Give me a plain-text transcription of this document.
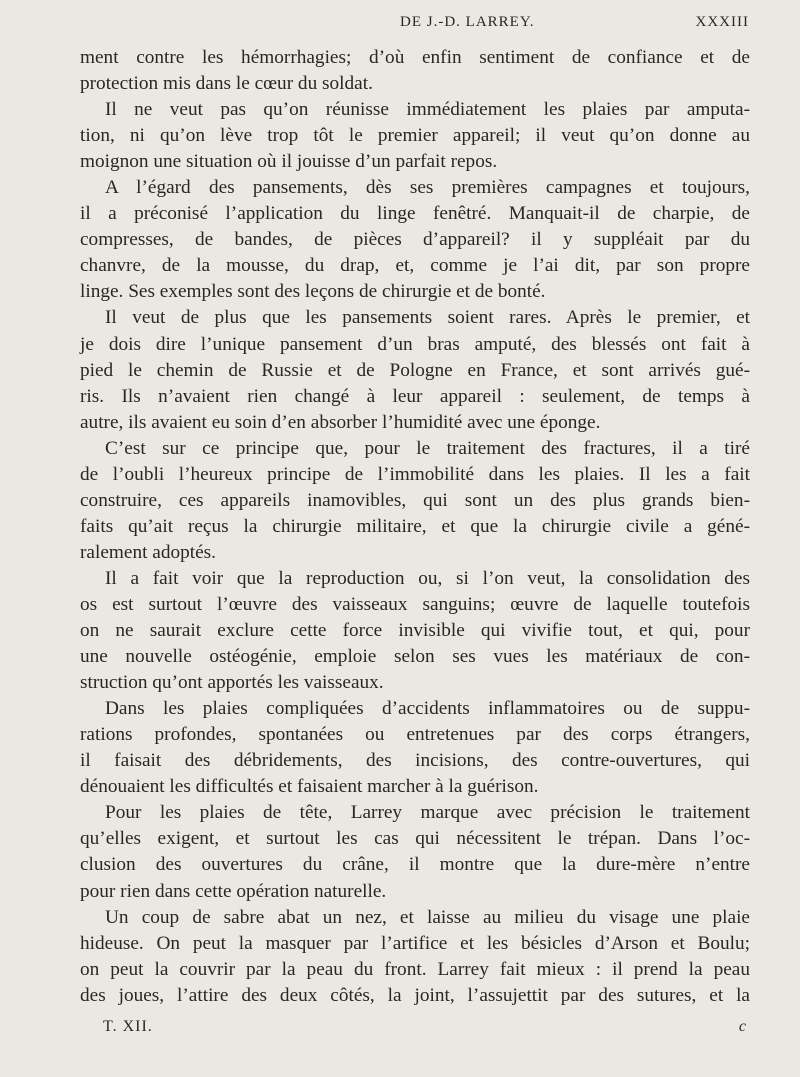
DE J.-D. LARREY.	XXXIII
ment contre les hémorrhagies; d’où enfin sentiment de confiance et de
protection mis dans le cœur du soldat.
Il ne veut pas qu’on réunisse immédiatement les plaies par amputa-
tion, ni qu’on lève trop tôt le premier appareil; il veut qu’on donne au
moignon une situation où il jouisse d’un parfait repos.
A l’égard des pansements, dès ses premières campagnes et toujours,
il a préconisé l’application du linge fenêtré. Manquait-il de charpie, de
compresses, de bandes, de pièces d’appareil? il y suppléait par du
chanvre, de la mousse, du drap, et, comme je l’ai dit, par son propre
linge. Ses exemples sont des leçons de chirurgie et de bonté.
Il veut de plus que les pansements soient rares. Après le premier, et
je dois dire l’unique pansement d’un bras amputé, des blessés ont fait à
pied le chemin de Russie et de Pologne en France, et sont arrivés gué-
ris. Ils n’avaient rien changé à leur appareil : seulement, de temps à
autre, ils avaient eu soin d’en absorber l’humidité avec une éponge.
C’est sur ce principe que, pour le traitement des fractures, il a tiré
de l’oubli l’heureux principe de l’immobilité dans les plaies. Il les a fait
construire, ces appareils inamovibles, qui sont un des plus grands bien-
faits qu’ait reçus la chirurgie militaire, et que la chirurgie civile a géné-
ralement adoptés.
Il a fait voir que la reproduction ou, si l’on veut, la consolidation des
os est surtout l’œuvre des vaisseaux sanguins; œuvre de laquelle toutefois
on ne saurait exclure cette force invisible qui vivifie tout, et qui, pour
une nouvelle ostéogénie, emploie selon ses vues les matériaux de con-
struction qu’ont apportés les vaisseaux.
Dans les plaies compliquées d’accidents inflammatoires ou de suppu-
rations profondes, spontanées ou entretenues par des corps étrangers,
il faisait des débridements, des incisions, des contre-ouvertures, qui
dénouaient les difficultés et faisaient marcher à la guérison.
Pour les plaies de tête, Larrey marque avec précision le traitement
qu’elles exigent, et surtout les cas qui nécessitent le trépan. Dans l’oc-
clusion des ouvertures du crâne, il montre que la dure-mère n’entre
pour rien dans cette opération naturelle.
Un coup de sabre abat un nez, et laisse au milieu du visage une plaie
hideuse. On peut la masquer par l’artifice et les bésicles d’Arson et Boulu;
on peut la couvrir par la peau du front. Larrey fait mieux : il prend la peau
des joues, l’attire des deux côtés, la joint, l’assujettit par des sutures, et la
T. XII.	c
